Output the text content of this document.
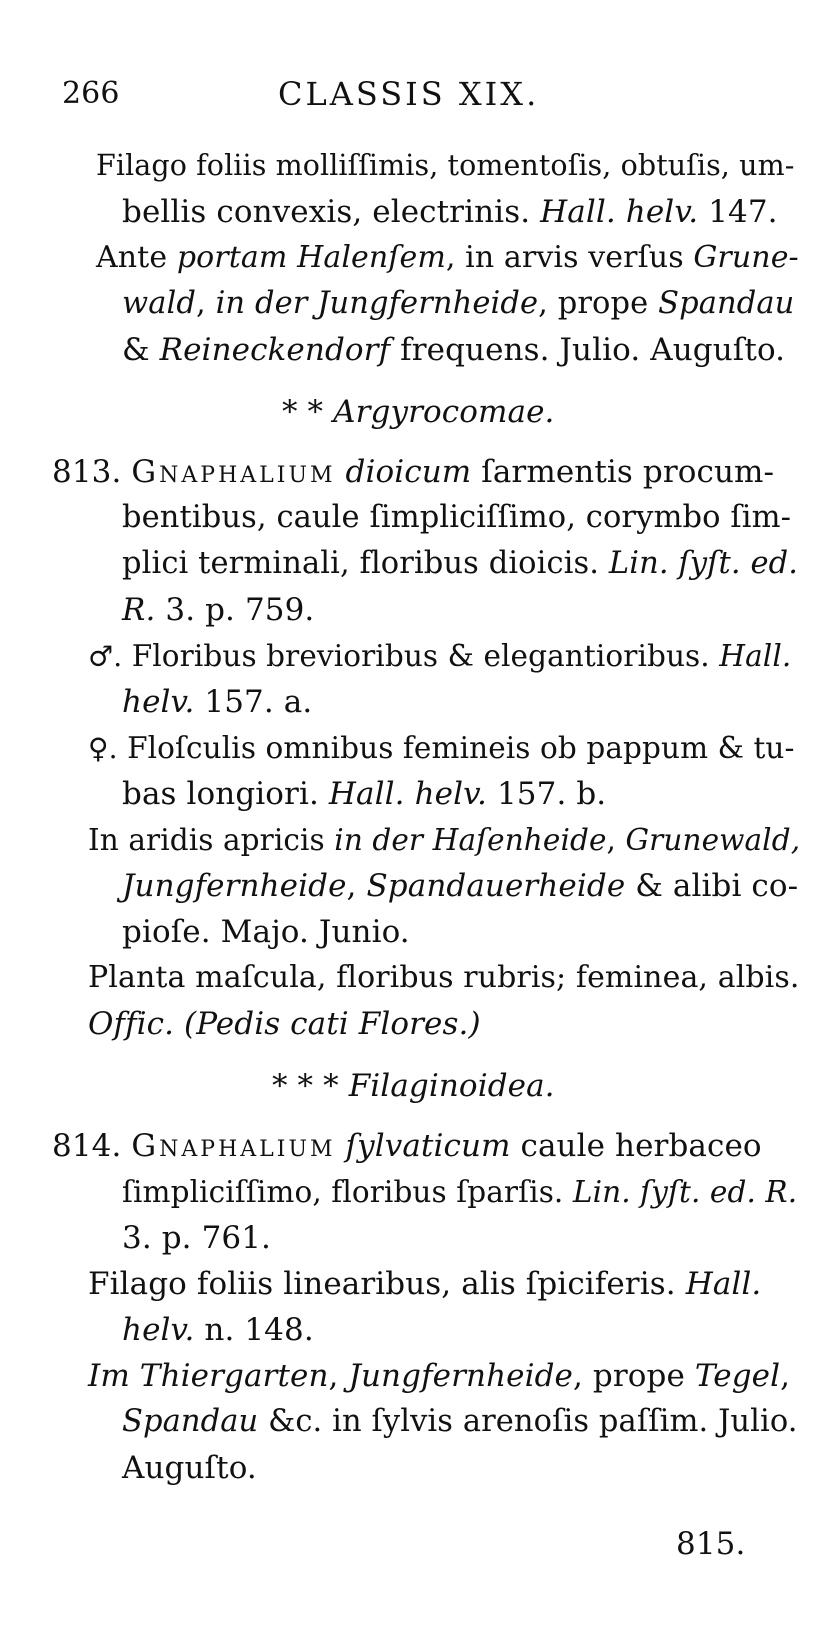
266	CLASSIS XIX.
Filago foliis molliſſimis, tomentoſis, obtuſis, um-
bellis convexis, electrinis. Hall. helv. 147.
Ante portam Halenſem, in arvis verſus Grune-
wald, in der Jungfernheide, prope Spandau
& Reineckendorf frequens. Julio. Auguſto.
* * Argyrocomae.
813. Gnaphalium dioicum ſarmentis procum-
bentibus, caule ſimpliciſſimo, corymbo ſim-
plici terminali, floribus dioicis. Lin. ſyſt. ed.
R. 3. p. 759.
♂. Floribus brevioribus & elegantioribus. Hall.
helv. 157. a.
♀. Floſculis omnibus femineis ob pappum & tu-
bas longiori. Hall. helv. 157. b.
In aridis apricis in der Haſenheide, Grunewald,
Jungfernheide, Spandauerheide & alibi co-
pioſe. Majo. Junio.
Planta maſcula, floribus rubris; feminea, albis.
Offic. (Pedis cati Flores.)
* * * Filaginoidea.
814. Gnaphalium ſylvaticum caule herbaceo
ſimpliciſſimo, floribus ſparſis. Lin. ſyſt. ed. R.
3. p. 761.
Filago foliis linearibus, alis ſpiciferis. Hall.
helv. n. 148.
Im Thiergarten, Jungfernheide, prope Tegel,
Spandau &c. in ſylvis arenoſis paſſim. Julio.
Auguſto.
815.
